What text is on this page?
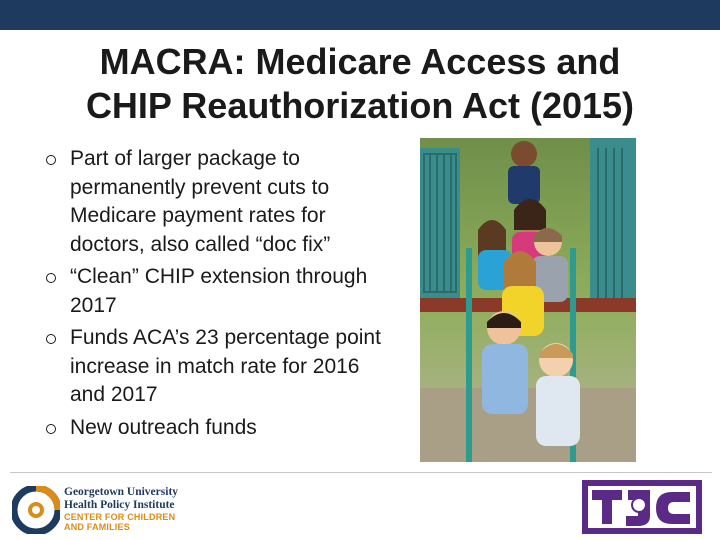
MACRA: Medicare Access and
CHIP Reauthorization Act (2015)
Part of larger package to permanently prevent cuts to Medicare payment rates for doctors, also called “doc fix”
“Clean” CHIP extension through 2017
Funds ACA’s 23 percentage point increase in match rate for 2016 and 2017
New outreach funds
Georgetown University
Health Policy Institute
CENTER FOR CHILDREN
AND FAMILIES
